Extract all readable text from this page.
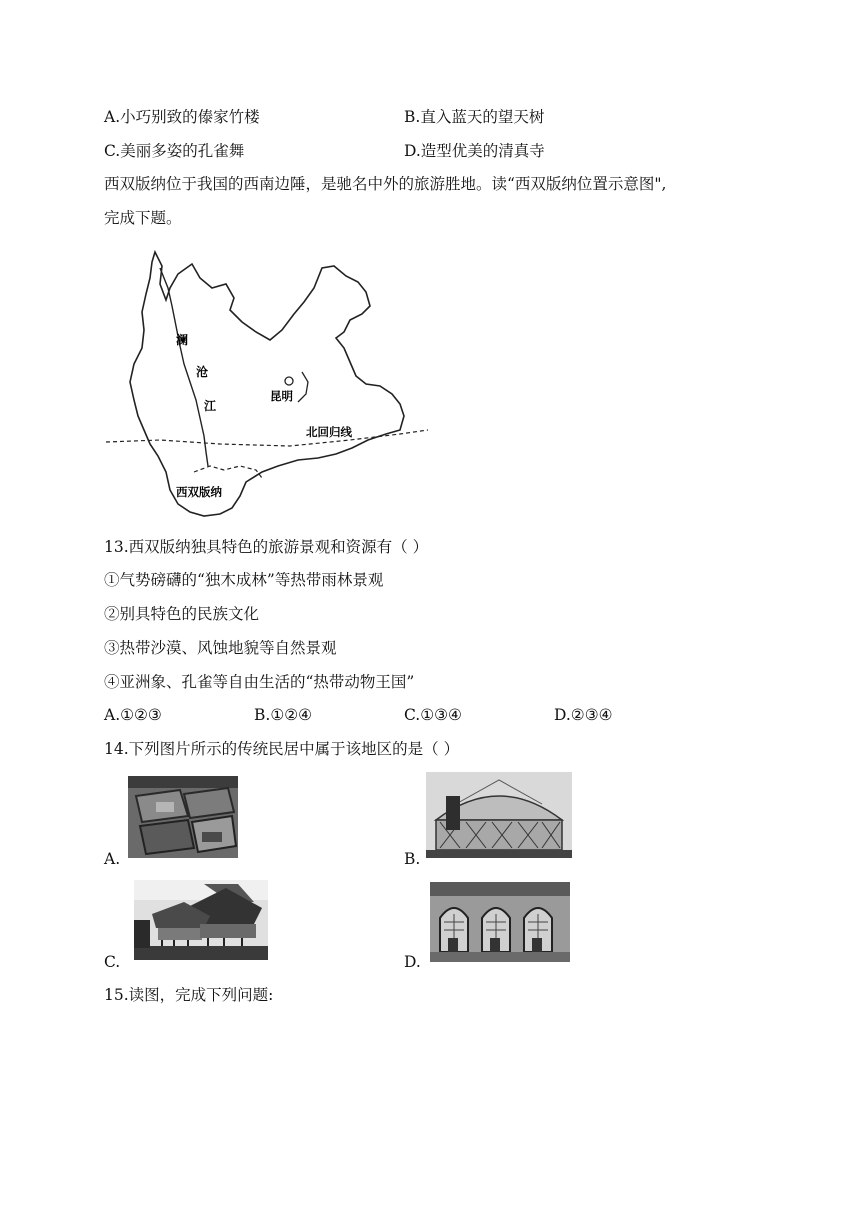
A.小巧别致的傣家竹楼	B.直入蓝天的望天树
C.美丽多姿的孔雀舞	D.造型优美的清真寺
西双版纳位于我国的西南边陲，是驰名中外的旅游胜地。读“西双版纳位置示意图",
完成下题。
澜
沧
江
昆明
北回归线
西双版纳
13.西双版纳独具特色的旅游景观和资源有（ ）
①气势磅礴的“独木成林”等热带雨林景观
②别具特色的民族文化
③热带沙漠、风蚀地貌等自然景观
④亚洲象、孔雀等自由生活的“热带动物王国”
A.①②③	B.①②④	C.①③④	D.②③④
14.下列图片所示的传统民居中属于该地区的是（ ）
A.	B.
C.	D.
15.读图，完成下列问题:
